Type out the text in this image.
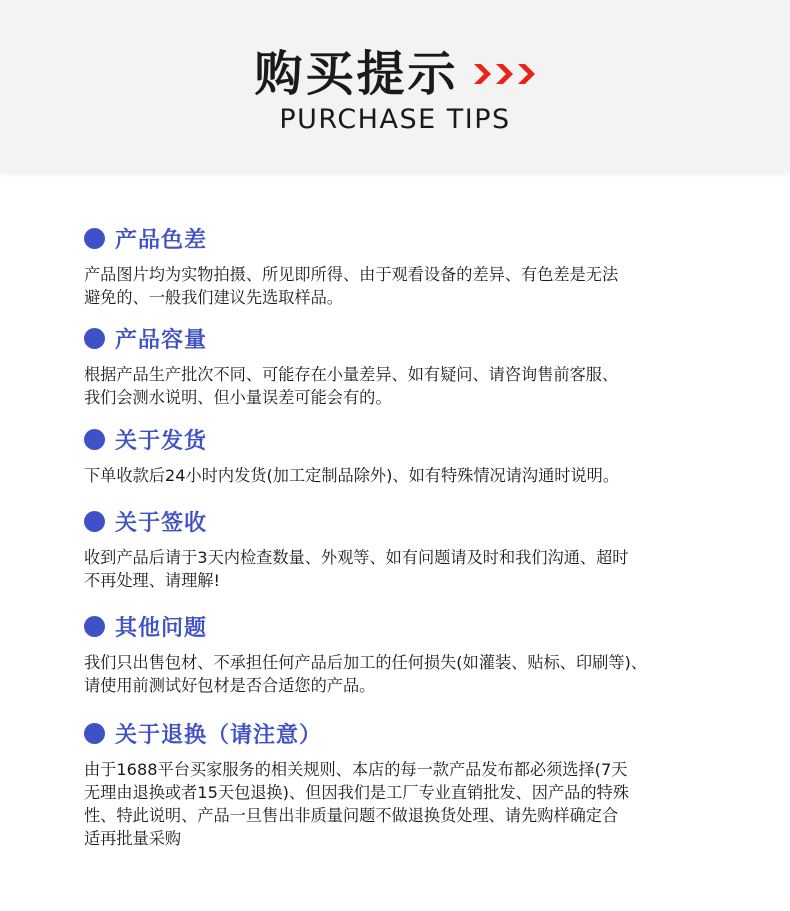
购买提示
PURCHASE TIPS
产品色差
产品图片均为实物拍摄、所见即所得、由于观看设备的差异、有色差是无法
避免的、一般我们建议先选取样品。
产品容量
根据产品生产批次不同、可能存在小量差异、如有疑问、请咨询售前客服、
我们会测水说明、但小量误差可能会有的。
关于发货
下单收款后24小时内发货(加工定制品除外)、如有特殊情况请沟通时说明。
关于签收
收到产品后请于3天内检查数量、外观等、如有问题请及时和我们沟通、超时
不再处理、请理解!
其他问题
我们只出售包材、不承担任何产品后加工的任何损失(如灌装、贴标、印刷等)、
请使用前测试好包材是否合适您的产品。
关于退换（请注意）
由于1688平台买家服务的相关规则、本店的每一款产品发布都必须选择(7天
无理由退换或者15天包退换)、但因我们是工厂专业直销批发、因产品的特殊
性、特此说明、产品一旦售出非质量问题不做退换货处理、请先购样确定合
适再批量采购
